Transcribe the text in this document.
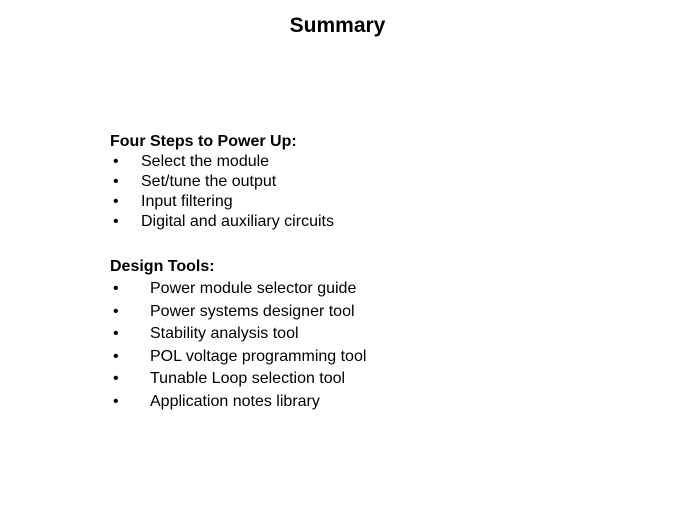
Summary
Four Steps to Power Up:
• Select the module
• Set/tune the output
• Input filtering
• Digital and auxiliary circuits
Design Tools:
• Power module selector guide
• Power systems designer tool
• Stability analysis tool
• POL voltage programming tool
• Tunable Loop selection tool
• Application notes library
